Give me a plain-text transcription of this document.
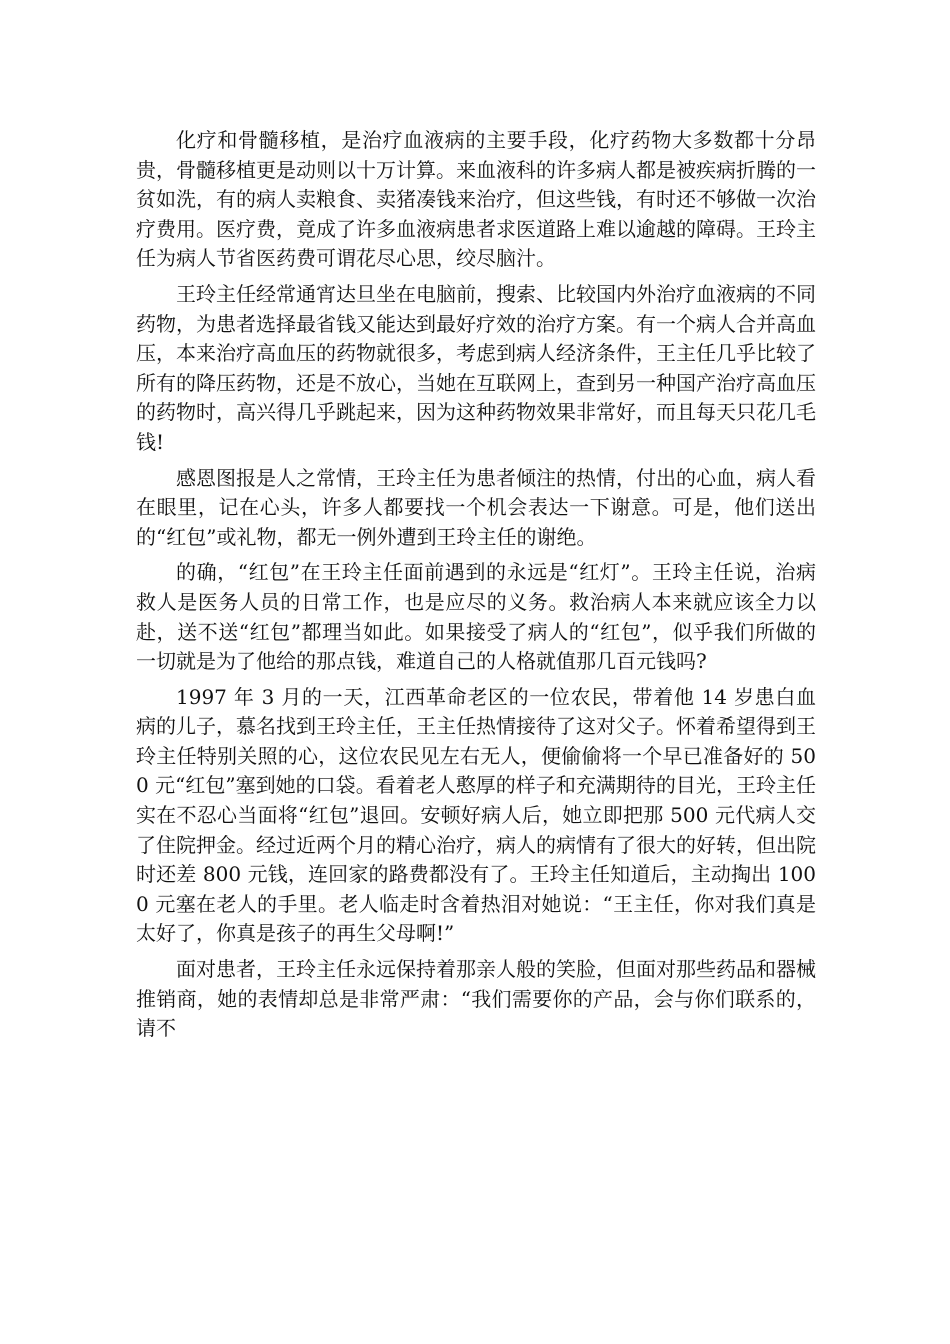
化疗和骨髓移植，是治疗血液病的主要手段，化疗药物大多数都十分昂贵，骨髓移植更是动则以十万计算。来血液科的许多病人都是被疾病折腾的一贫如洗，有的病人卖粮食、卖猪凑钱来治疗，但这些钱，有时还不够做一次治疗费用。医疗费，竟成了许多血液病患者求医道路上难以逾越的障碍。王玲主任为病人节省医药费可谓花尽心思，绞尽脑汁。

王玲主任经常通宵达旦坐在电脑前，搜索、比较国内外治疗血液病的不同药物，为患者选择最省钱又能达到最好疗效的治疗方案。有一个病人合并高血压，本来治疗高血压的药物就很多，考虑到病人经济条件，王主任几乎比较了所有的降压药物，还是不放心，当她在互联网上，查到另一种国产治疗高血压的药物时，高兴得几乎跳起来，因为这种药物效果非常好，而且每天只花几毛钱!

感恩图报是人之常情，王玲主任为患者倾注的热情，付出的心血，病人看在眼里，记在心头，许多人都要找一个机会表达一下谢意。可是，他们送出的“红包”或礼物，都无一例外遭到王玲主任的谢绝。

的确，“红包”在王玲主任面前遇到的永远是“红灯”。王玲主任说，治病救人是医务人员的日常工作，也是应尽的义务。救治病人本来就应该全力以赴，送不送“红包”都理当如此。如果接受了病人的“红包”，似乎我们所做的一切就是为了他给的那点钱，难道自己的人格就值那几百元钱吗?

1997 年 3 月的一天，江西革命老区的一位农民，带着他 14 岁患白血病的儿子，慕名找到王玲主任，王主任热情接待了这对父子。怀着希望得到王玲主任特别关照的心，这位农民见左右无人，便偷偷将一个早已准备好的 500 元“红包”塞到她的口袋。看着老人憨厚的样子和充满期待的目光，王玲主任实在不忍心当面将“红包”退回。安顿好病人后，她立即把那 500 元代病人交了住院押金。经过近两个月的精心治疗，病人的病情有了很大的好转，但出院时还差 800 元钱，连回家的路费都没有了。王玲主任知道后，主动掏出 1000 元塞在老人的手里。老人临走时含着热泪对她说：“王主任，你对我们真是太好了，你真是孩子的再生父母啊!”

面对患者，王玲主任永远保持着那亲人般的笑脸，但面对那些药品和器械推销商，她的表情却总是非常严肃：“我们需要你的产品，会与你们联系的，请不
